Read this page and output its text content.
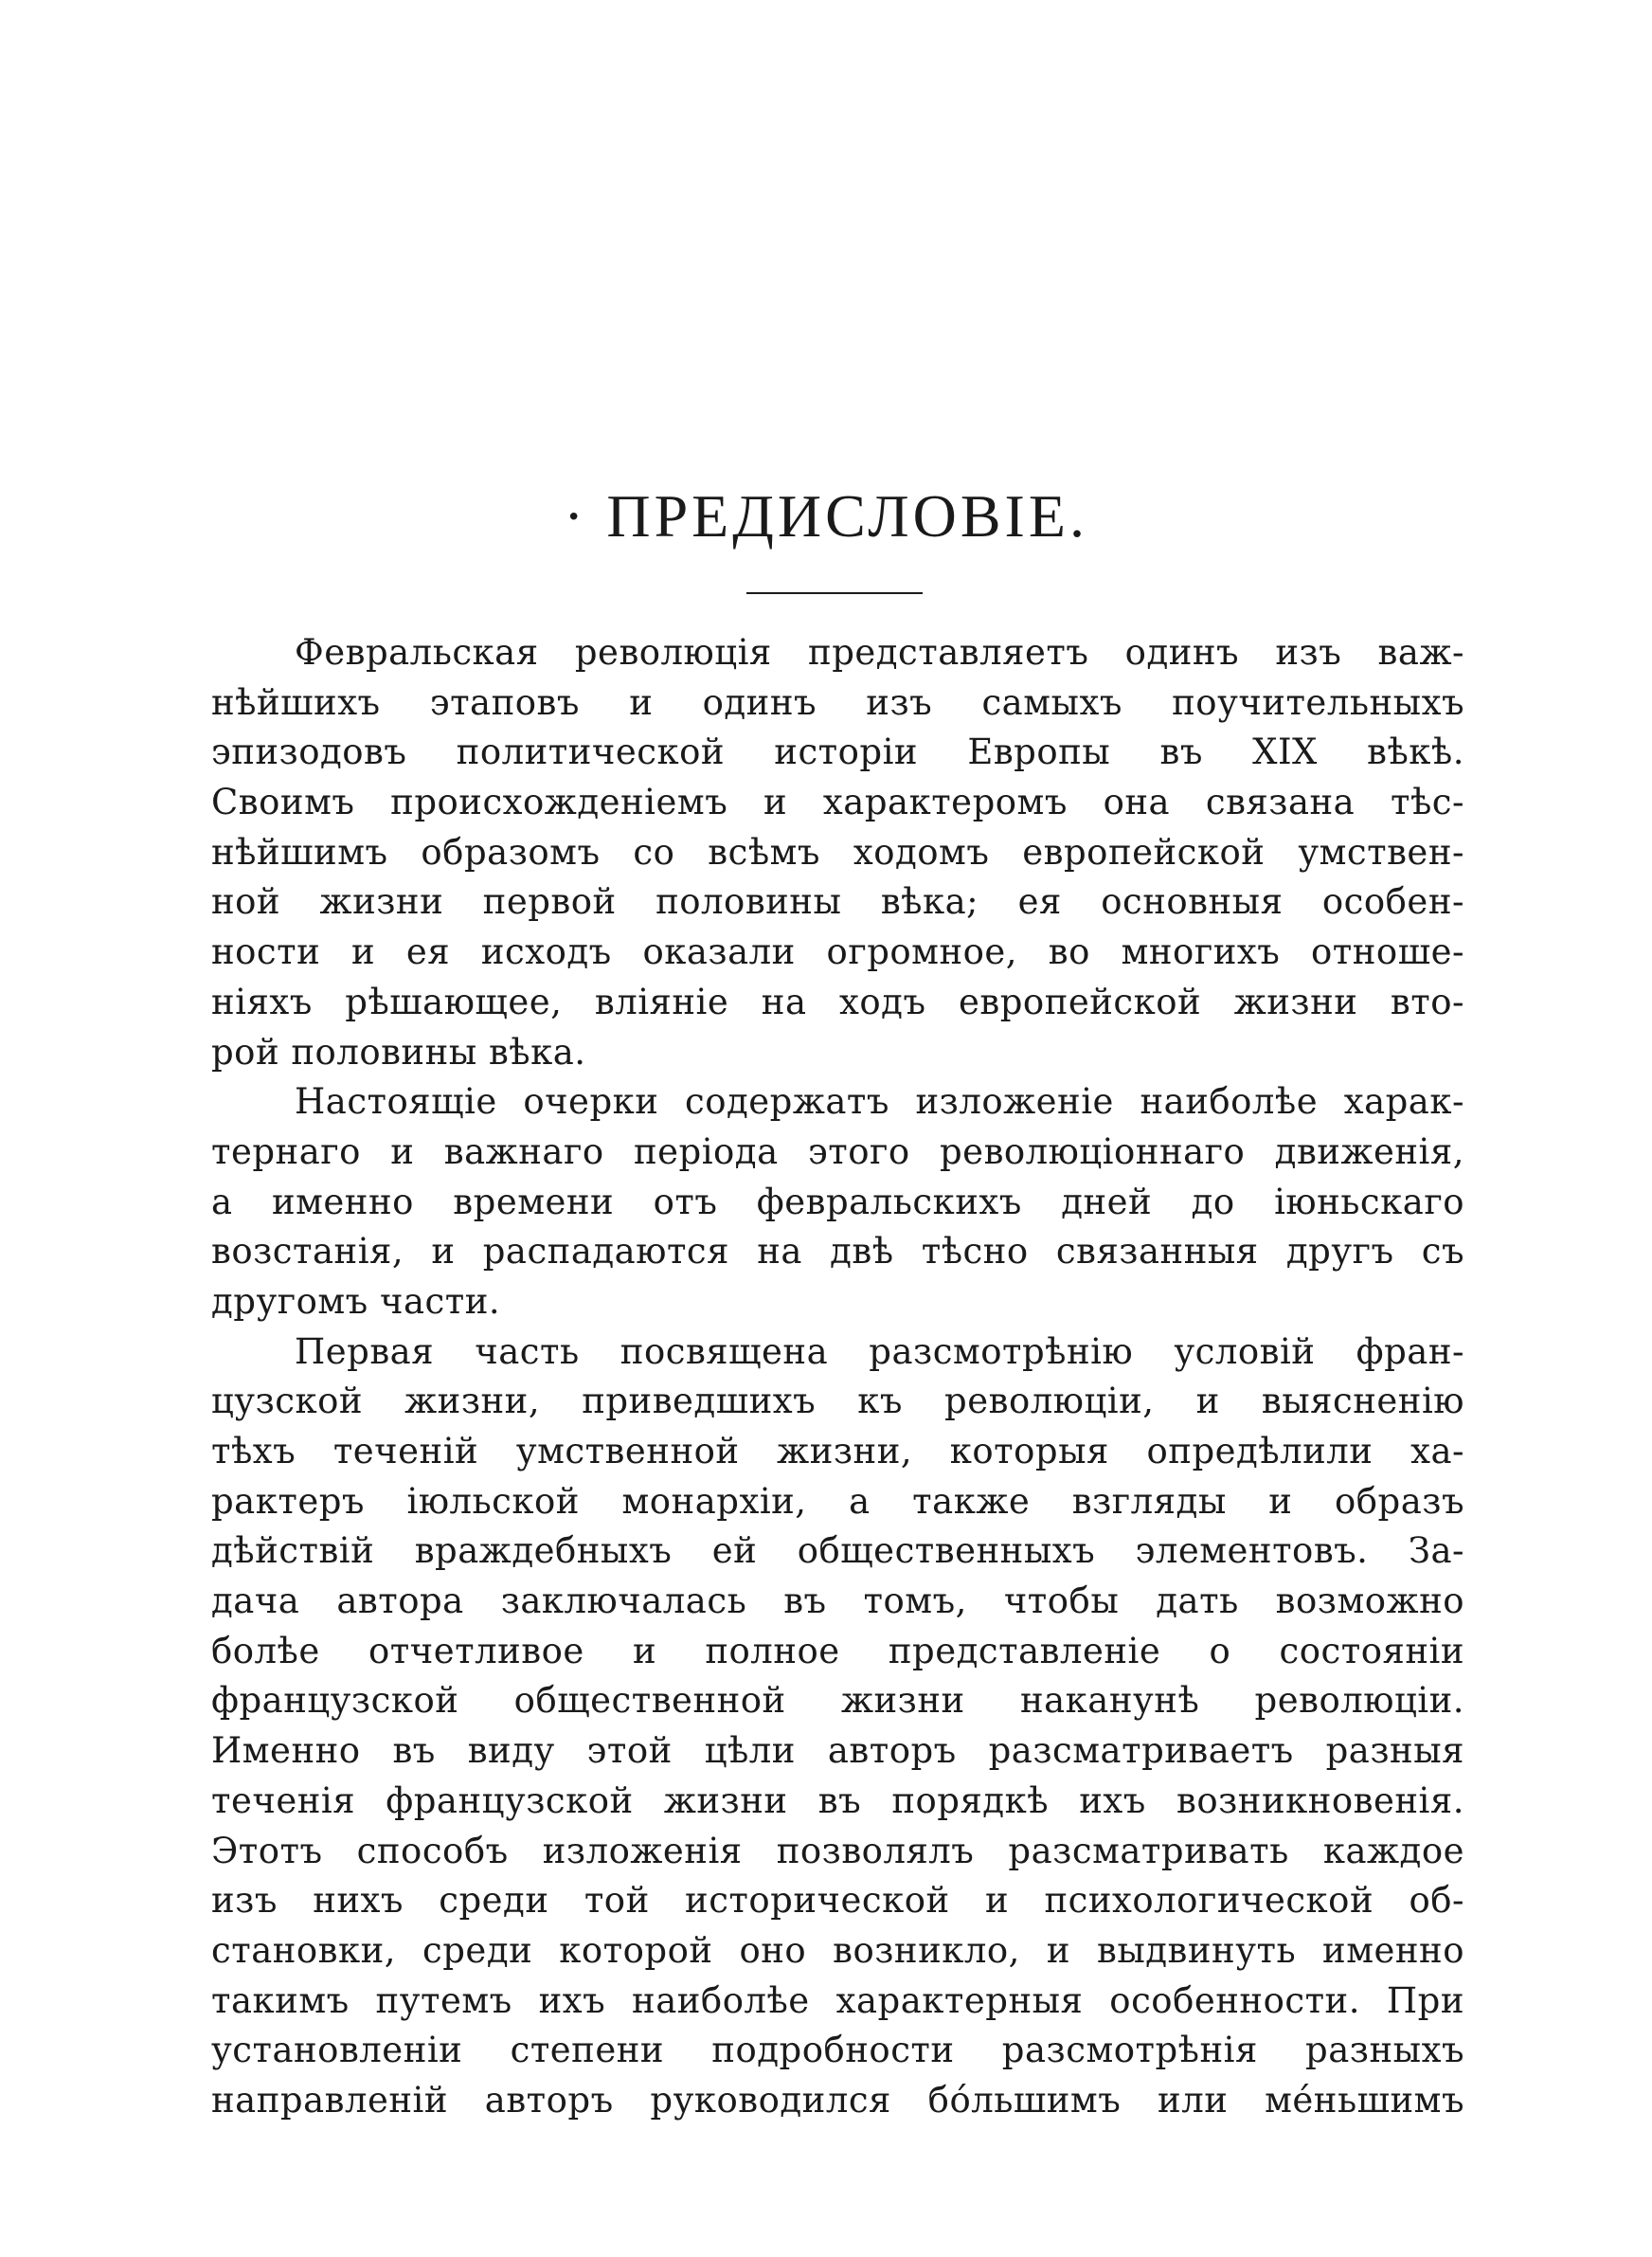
· ПРЕДИСЛОВІЕ.
Февральская революція представляетъ одинъ изъ важ-
нѣйшихъ этаповъ и одинъ изъ самыхъ поучительныхъ
эпизодовъ политической исторіи Европы въ XIX вѣкѣ.
Своимъ происхожденіемъ и характеромъ она связана тѣс-
нѣйшимъ образомъ со всѣмъ ходомъ европейской умствен-
ной жизни первой половины вѣка; ея основныя особен-
ности и ея исходъ оказали огромное, во многихъ отноше-
ніяхъ рѣшающее, вліяніе на ходъ европейской жизни вто-
рой половины вѣка.
Настоящіе очерки содержатъ изложеніе наиболѣе харак-
тернаго и важнаго періода этого революціоннаго движенія,
а именно времени отъ февральскихъ дней до іюньскаго
возстанія, и распадаются на двѣ тѣсно связанныя другъ съ
другомъ части.
Первая часть посвящена разсмотрѣнію условій фран-
цузской жизни, приведшихъ къ революціи, и выясненію
тѣхъ теченій умственной жизни, которыя опредѣлили ха-
рактеръ іюльской монархіи, а также взгляды и образъ
дѣйствій враждебныхъ ей общественныхъ элементовъ. За-
дача автора заключалась въ томъ, чтобы дать возможно
болѣе отчетливое и полное представленіе о состояніи
французской общественной жизни наканунѣ революціи.
Именно въ виду этой цѣли авторъ разсматриваетъ разныя
теченія французской жизни въ порядкѣ ихъ возникновенія.
Этотъ способъ изложенія позволялъ разсматривать каждое
изъ нихъ среди той исторической и психологической об-
становки, среди которой оно возникло, и выдвинуть именно
такимъ путемъ ихъ наиболѣе характерныя особенности. При
установленіи степени подробности разсмотрѣнія разныхъ
направленій авторъ руководился бо́льшимъ или ме́ньшимъ
